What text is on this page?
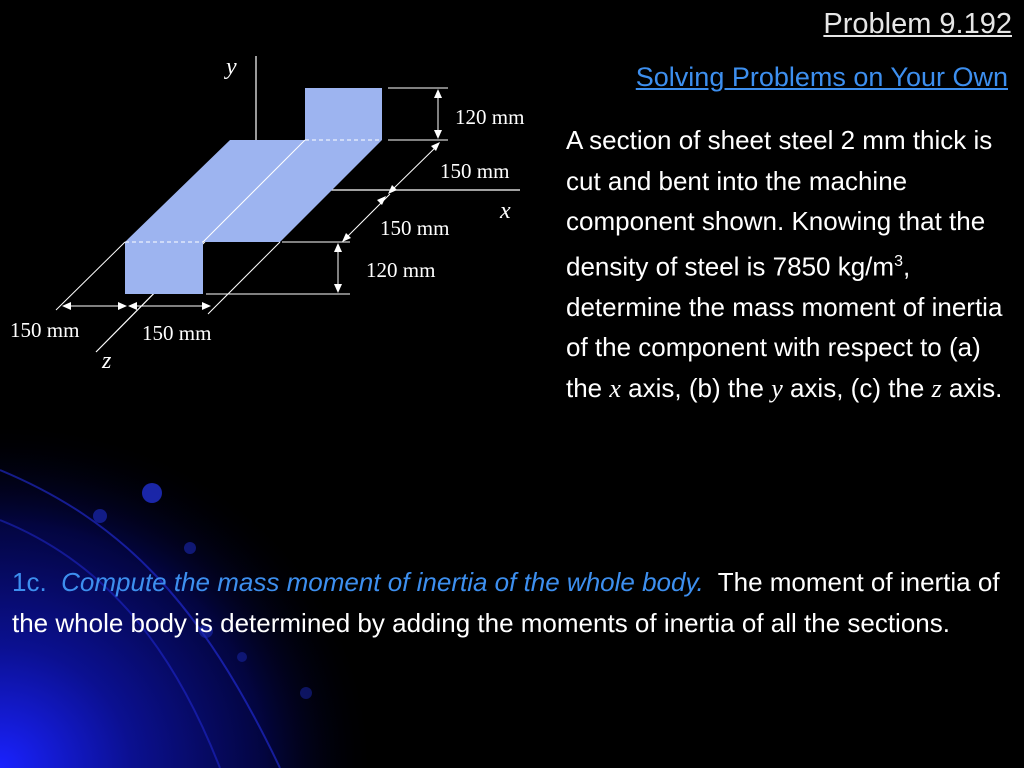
Problem 9.192
Solving Problems on Your Own
y
x
z
120 mm
150 mm
150 mm
120 mm
150 mm	150 mm
A section of sheet steel 2 mm thick is cut and bent into the machine component shown. Knowing that the density of steel is 7850 $kg/m^3$, determine the mass moment of inertia of the component with respect to (a) the x axis, (b) the y axis, (c) the z axis.
1c. Compute the mass moment of inertia of the whole body. The moment of inertia of the whole body is determined by adding the moments of inertia of all the sections.
